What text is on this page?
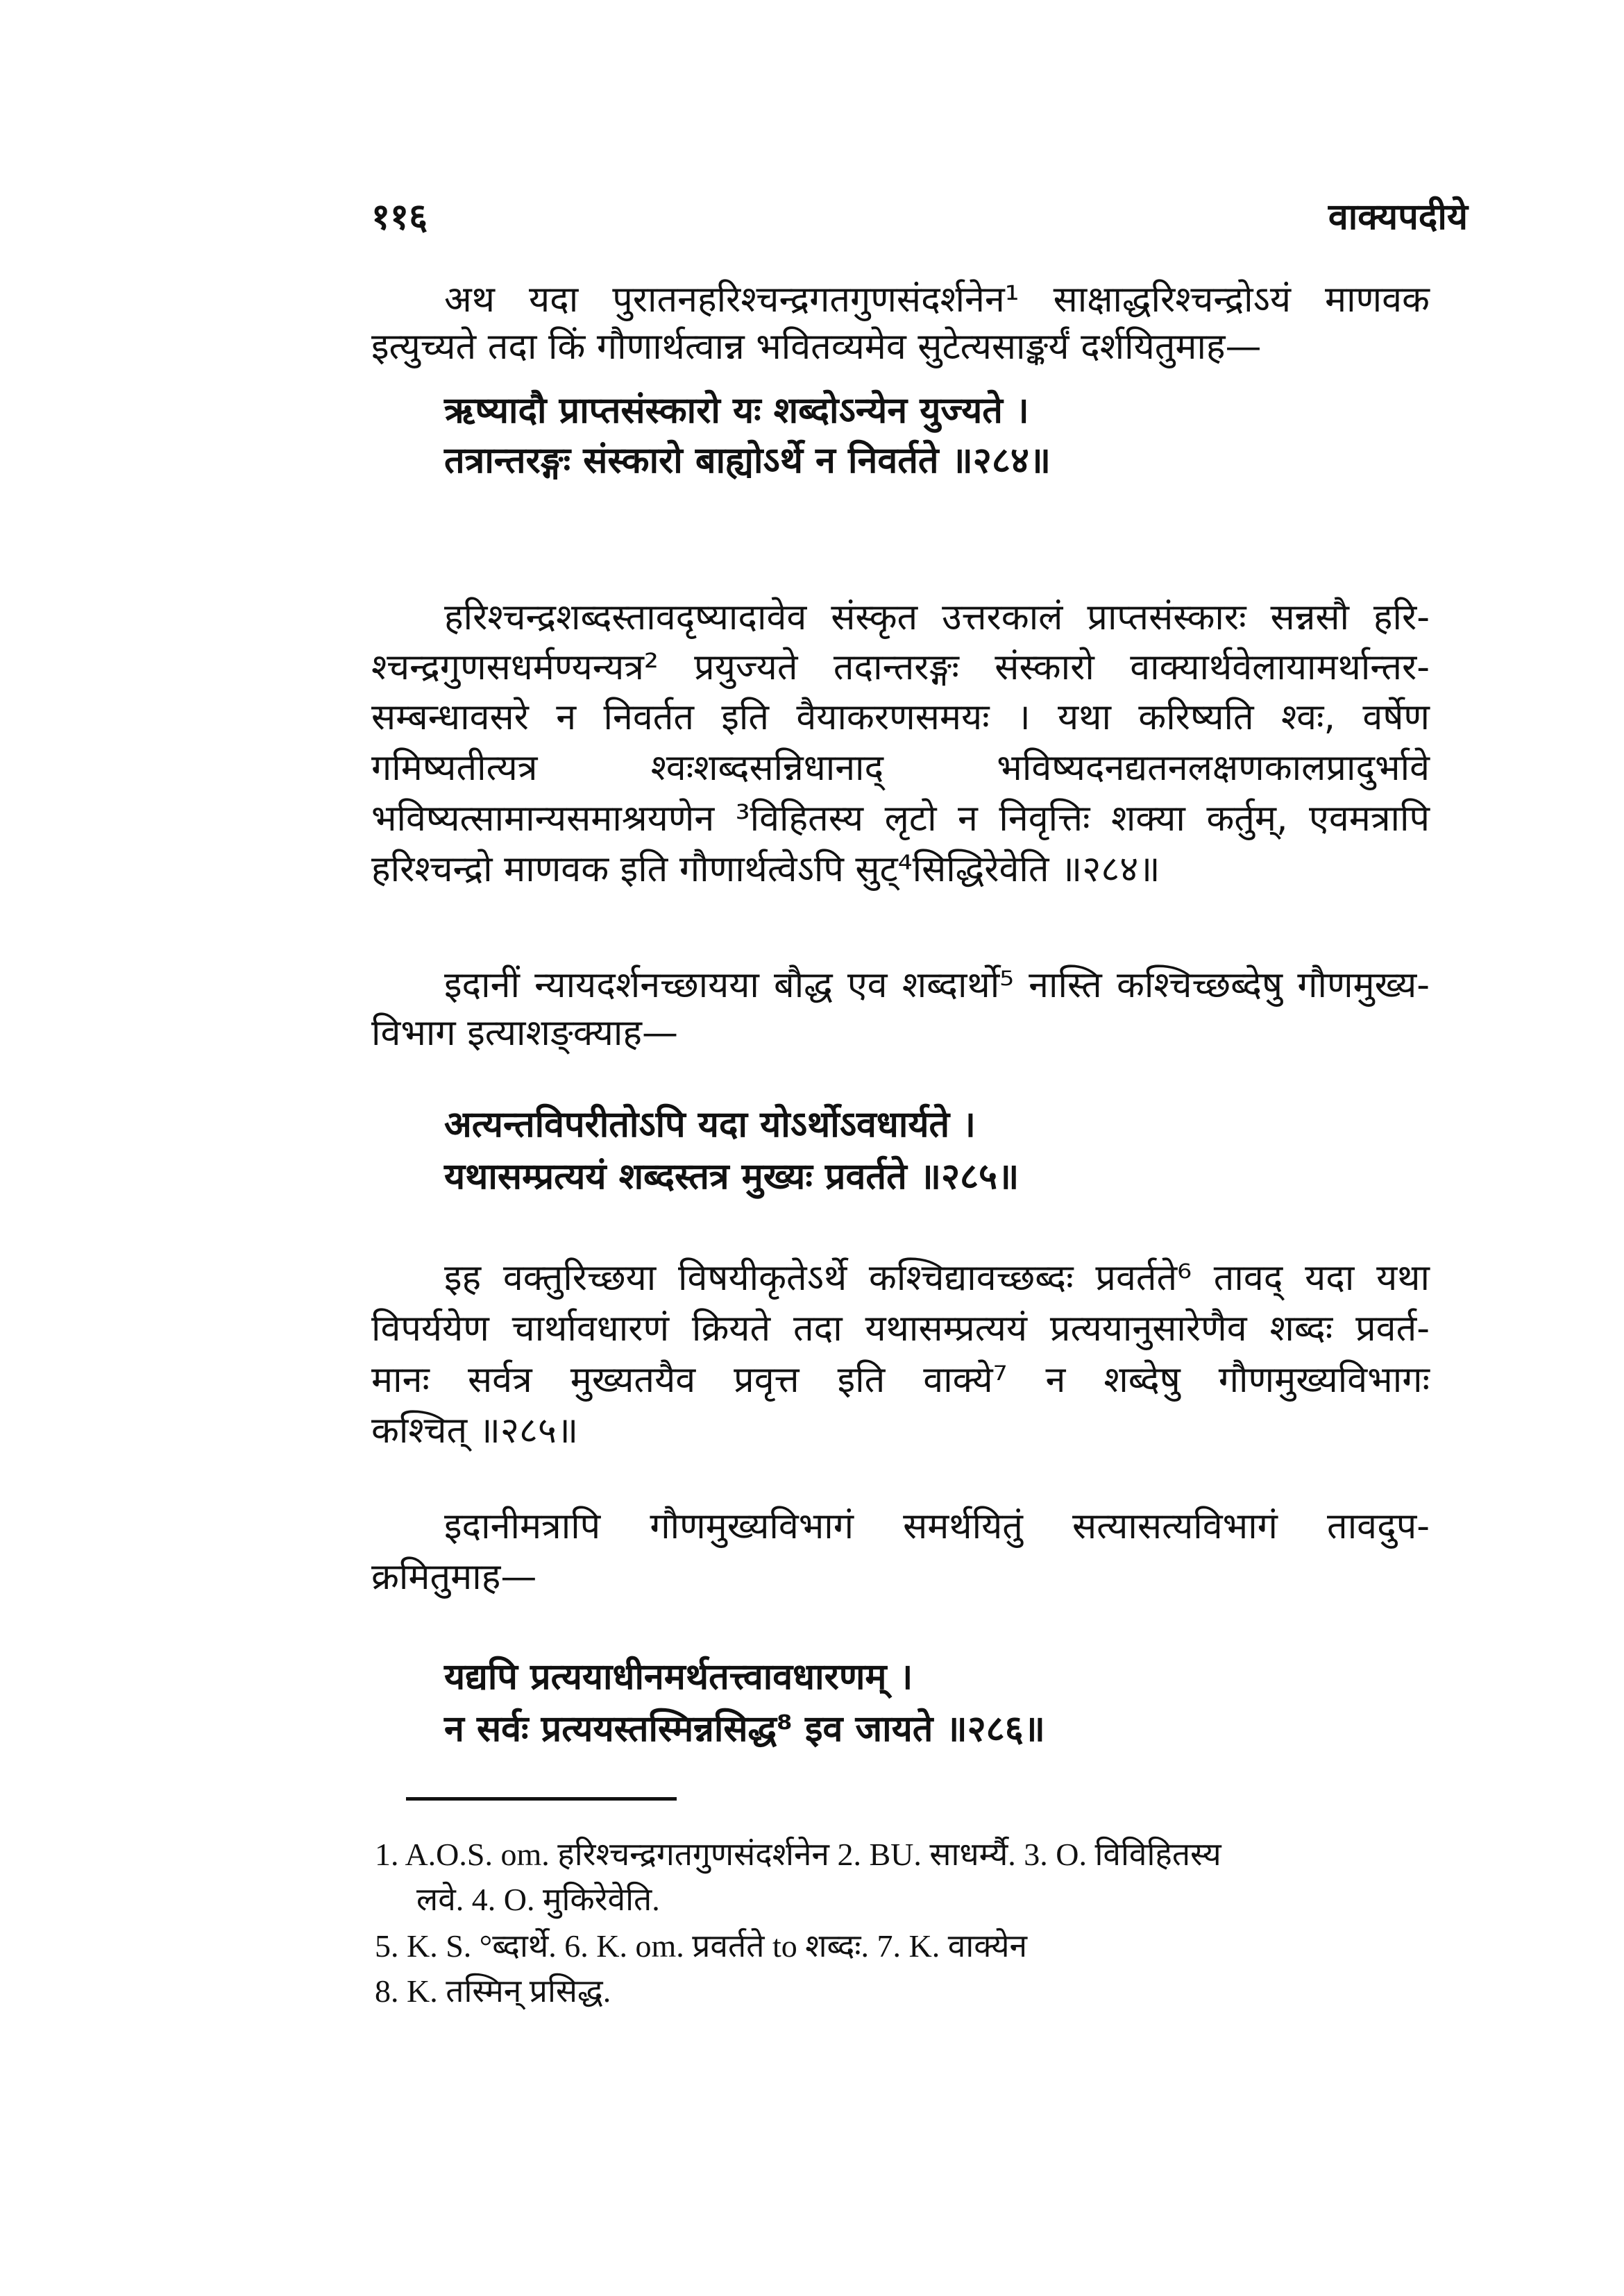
११६	वाक्यपदीये
अथ यदा पुरातनहरिश्चन्द्रगतगुणसंदर्शनेन¹ साक्षाद्धरिश्चन्द्रोऽयं माणवक
इत्युच्यते तदा किं गौणार्थत्वान्न भवितव्यमेव सुटेत्यसाङ्कर्यं दर्शयितुमाह—
ऋष्यादौ प्राप्तसंस्कारो यः शब्दोऽन्येन युज्यते ।
तत्रान्तरङ्गः संस्कारो बाह्योऽर्थे न निवर्तते ॥२८४॥
हरिश्चन्द्रशब्दस्तावदृष्यादावेव संस्कृत उत्तरकालं प्राप्तसंस्कारः सन्नसौ हरि-
श्चन्द्रगुणसधर्मण्यन्यत्र² प्रयुज्यते तदान्तरङ्गः संस्कारो वाक्यार्थवेलायामर्थान्तर-
सम्बन्धावसरे न निवर्तत इति वैयाकरणसमयः । यथा करिष्यति श्वः, वर्षेण
गमिष्यतीत्यत्र श्वःशब्दसन्निधानाद् भविष्यदनद्यतनलक्षणकालप्रादुर्भावे
भविष्यत्सामान्यसमाश्रयणेन ³विहितस्य लृटो न निवृत्तिः शक्या कर्तुम्, एवमत्रापि
हरिश्चन्द्रो माणवक इति गौणार्थत्वेऽपि सुट्⁴सिद्धिरेवेति ॥२८४॥
इदानीं न्यायदर्शनच्छायया बौद्ध एव शब्दार्थो⁵ नास्ति कश्चिच्छब्देषु गौणमुख्य-
विभाग इत्याशङ्क्याह—
अत्यन्तविपरीतोऽपि यदा योऽर्थोऽवधार्यते ।
यथासम्प्रत्ययं शब्दस्तत्र मुख्यः प्रवर्तते ॥२८५॥
इह वक्तुरिच्छया विषयीकृतेऽर्थे कश्चिद्यावच्छब्दः प्रवर्तते⁶ तावद् यदा यथा
विपर्ययेण चार्थावधारणं क्रियते तदा यथासम्प्रत्ययं प्रत्ययानुसारेणैव शब्दः प्रवर्त-
मानः सर्वत्र मुख्यतयैव प्रवृत्त इति वाक्ये⁷ न शब्देषु गौणमुख्यविभागः
कश्चित् ॥२८५॥
इदानीमत्रापि गौणमुख्यविभागं समर्थयितुं सत्यासत्यविभागं तावदुप-
क्रमितुमाह—
यद्यपि प्रत्ययाधीनमर्थतत्त्वावधारणम् ।
न सर्वः प्रत्ययस्तस्मिन्नसिद्ध⁸ इव जायते ॥२८६॥
1. A.O.S. om. हरिश्चन्द्रगतगुणसंदर्शनेन 2. BU. साधर्म्यै. 3. O. विविहितस्य
लवे. 4. O. मुकिरेवेति.
5. K. S. °ब्दार्थे. 6. K. om. प्रवर्तते to शब्दः. 7. K. वाक्येन
8. K. तस्मिन् प्रसिद्ध.
